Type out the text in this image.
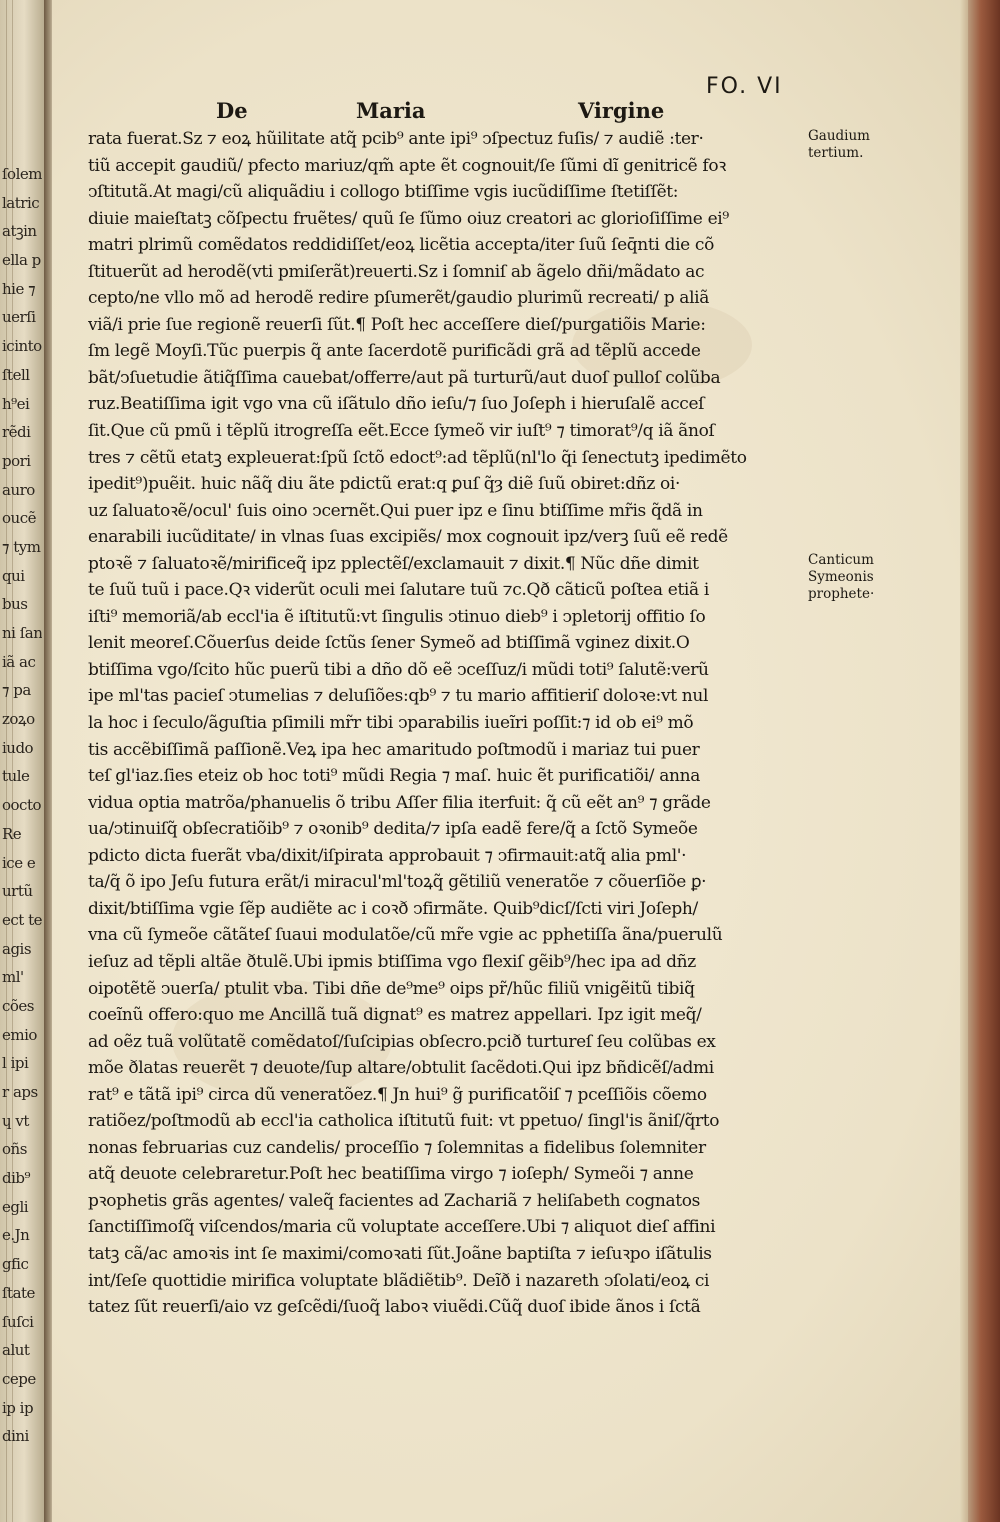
ſolem
latric
atꝫin
ella p
hie ⁊
uerſi
icinto
ſtell
h⁹ei
rẽdi
pori
auro
oucẽ
⁊ tym
qui
bus
ni ſan
iã ac
⁊ pa
zoꝝo
iudo
tule
oocto
Re
ice e
urtũ
ect te
agis
ml'
cões
emio
l ipi
r aps
ɥ vt
oñs
dib⁹
egli
e.Jn
gfic
ſtate
ſuſci
alut
cepe
ip ip
dini
FO. VI
De	Maria	Virgine
rata fuerat.Sz ⁊ eoꝝ hũilitate atq̃ pcib⁹ ante ipi⁹ ↄſpectuz fuſis/ ⁊ audiẽ :ter·
tiũ accepit gaudiũ/ pfecto mariuz/qm̃ apte ẽt cognouit/ſe ſũmi dĩ genitricẽ foꝛ
ↄſtitutã.At magi/cũ aliquãdiu i collogo btiſſime vgis iucũdiſſime ſtetiſſẽt:
diuie maieſtatꝫ cõſpectu fruẽtes/ quũ ſe ſũmo oiuz creatori ac glorioſiſſime ei⁹
matri plrimũ comẽdatos reddidiſſet/eoꝝ licẽtia accepta/iter ſuũ ſeq̄nti die cõ
ſtituerũt ad herodẽ(vti pmiſerãt)reuerti.Sz i ſomniſ ab ãgelo dñi/mãdato ac
cepto/ne vllo mõ ad herodẽ redire pſumerẽt/gaudio plurimũ recreati/ p aliã
viã/i prie ſue regionẽ reuerſi ſũt.¶ Poſt hec acceſſere dieſ/purgatiõis Marie:
ſm legẽ Moyſi.Tũc puerpis q̃ ante ſacerdotẽ purificãdi grã ad tẽplũ accede
bãt/ↄſuetudie ãtiq̃ſſima cauebat/offerre/aut pã turturũ/aut duoſ pulloſ colũba
ruz.Beatiſſima igit vgo vna cũ iſãtulo dño ieſu/⁊ ſuo Joſeph i hieruſalẽ acceſ
ſit.Que cũ pmũ i tẽplũ itrogreſſa eẽt.Ecce ſymeõ vir iuſt⁹ ⁊ timorat⁹/q iã ãnoſ
tres ⁊ cẽtũ etatꝫ expleuerat:ſpũ ſctõ edoct⁹:ad tẽplũ(nl'lo q̃i ſenectutꝫ ipedimẽto
ipedit⁹)puẽit. huic nãq̃ diu ãte pdictũ erat:q ꝑuſ q̃ȝ diẽ ſuũ obiret:dñz oi·
uz ſaluatoꝛẽ/ocul' ſuis oino ↄcernẽt.Qui puer ipz e ſinu btiſſime mr̃is q̃dã in
enarabili iucũditate/ in vlnas ſuas excipiẽs/ mox cognouit ipz/verꝫ ſuũ eẽ redẽ
ptoꝛẽ ⁊ ſaluatoꝛẽ/mirificeq̃ ipz pplectẽſ/exclamauit ⁊ dixit.¶ Nũc dñe dimit
te ſuũ tuũ i pace.Qꝛ viderũt oculi mei ſalutare tuũ ⁊c.Qð cãticũ poſtea etiã i
iſti⁹ memoriã/ab eccl'ia ẽ iſtitutũ:vt ſingulis ↄtinuo dieb⁹ i ↄpletorij offitio ſo
lenit meoreſ.Cõuerſus deide ſctũs ſener Symeõ ad btiſſimã vginez dixit.O
btiſſima vgo/ſcito hũc puerũ tibi a dño dõ eẽ ↄceſſuz/i mũdi toti⁹ ſalutẽ:verũ
ipe ml'tas pacieſ ↄtumelias ⁊ deluſiões:qb⁹ ⁊ tu mario affitieriſ doloꝛe:vt nul
la hoc i ſeculo/ãguſtia pſimili mr̃r tibi ↄparabilis iueĩri poſſit:⁊ id ob ei⁹ mõ
tis accẽbiſſimã paſſionẽ.Veꝝ ipa hec amaritudo poſtmodũ i mariaz tui puer
teſ gl'iaz.ſies eteiz ob hoc toti⁹ mũdi Regia ⁊ maſ. huic ẽt purificatiõi/ anna
vidua optia matrõa/phanuelis õ tribu Aſſer filia iterfuit: q̃ cũ eẽt an⁹ ⁊ grãde
ua/ↄtinuiſq̃ obſecratiõib⁹ ⁊ oꝛonib⁹ dedita/⁊ ipſa eadẽ fere/q̃ a ſctõ Symeõe
pdicto dicta fuerãt vba/dixit/iſpirata approbauit ⁊ ↄfirmauit:atq̃ alia pml'·
ta/q̃ õ ipo Jeſu futura erãt/i miracul'ml'toꝝq̃ gẽtiliũ veneratõe ⁊ cõuerſiõe ꝑ·
dixit/btiſſima vgie ſẽp audiẽte ac i coꝛð ↄfirmãte. Quib⁹dicſ/ſcti viri Joſeph/
vna cũ ſymeõe cãtãteſ ſuaui modulatõe/cũ mr̃e vgie ac pphetiſſa ãna/puerulũ
ieſuz ad tẽpli altãe ðtulẽ.Ubi ipmis btiſſima vgo flexiſ gẽib⁹/hec ipa ad dñz
oipotẽtẽ ↄuerſa/ ptulit vba. Tibi dñe de⁹me⁹ oips pr̃/hũc filiũ vnigẽitũ tibiq̃
coeĩnũ offero:quo me Ancillã tuã dignat⁹ es matrez appellari. Ipz igit meq̃/
ad oẽz tuã volũtatẽ comẽdatoſ/ſuſcipias obſecro.pcið turtureſ ſeu colũbas ex
mõe ðlatas reuerẽt ⁊ deuote/ſup altare/obtulit ſacẽdoti.Qui ipz bñdicẽſ/admi
rat⁹ e tãtã ipi⁹ circa dũ veneratõez.¶ Jn hui⁹ g̃ purificatõiſ ⁊ pceſſiõis cõemo
ratiõez/poſtmodũ ab eccl'ia catholica iſtitutũ fuit: vt ppetuo/ ſingl'is ãniſ/q̃rto
nonas februarias cuz candelis/ proceſſio ⁊ ſolemnitas a fidelibus ſolemniter
atq̃ deuote celebraretur.Poſt hec beatiſſima virgo ⁊ ioſeph/ Symeõi ⁊ anne
pꝛophetis grãs agentes/ valeq̃ facientes ad Zachariã ⁊ heliſabeth cognatos
ſanctiſſimoſq̃ viſcendos/maria cũ voluptate acceſſere.Ubi ⁊ aliquot dieſ affini
tatꝫ cã/ac amoꝛis int ſe maximi/comoꝛati ſũt.Joãne baptiſta ⁊ ieſuꝛpo iſãtulis
int/ſeſe quottidie mirifica voluptate blãdiẽtib⁹. Deĩð i nazareth ↄſolati/eoꝝ ci
tatez ſũt reuerſi/aio vz geſcẽdi/ſuoq̃ laboꝛ viuẽdi.Cũq̃ duoſ ibide ãnos i ſctã
Gaudium
tertium.
Canticum
Symeonis
prophete·
